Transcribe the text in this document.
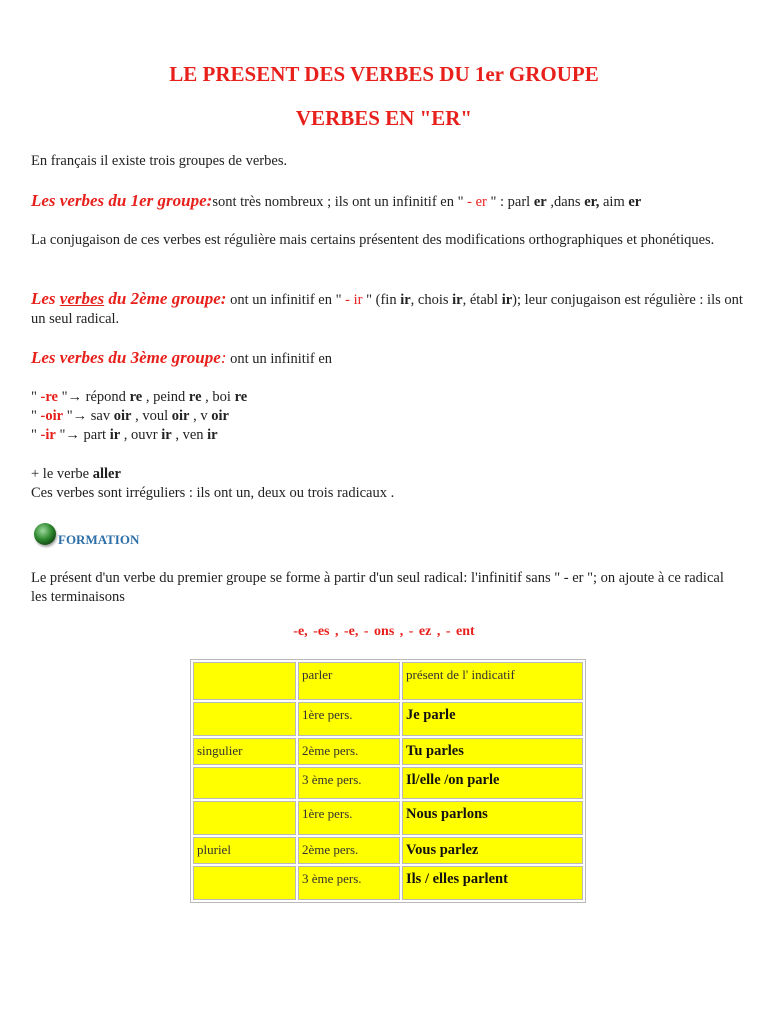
LE PRESENT DES VERBES DU 1er GROUPE
VERBES EN "ER"

En français il existe trois groupes de verbes.

Les verbes du 1er groupe:sont très nombreux ; ils ont un infinitif en " - er " : parl er ,dans er, aim er

La conjugaison de ces verbes est régulière mais certains présentent des modifications orthographiques et phonétiques.

Les verbes du 2ème groupe: ont un infinitif en " - ir " (fin ir, chois ir, établ ir); leur conjugaison est régulière : ils ont un seul radical.

Les verbes du 3ème groupe: ont un infinitif en

" -re "→ répond re , peind re , boi re
" -oir "→ sav oir , voul oir , v oir
" -ir "→ part ir , ouvr ir , ven ir

+ le verbe aller
Ces verbes sont irréguliers : ils ont un, deux ou trois radicaux .

FORMATION

Le présent d'un verbe du premier groupe se forme à partir d'un seul radical: l'infinitif sans " - er "; on ajoute à ce radical les terminaisons

-e, -es , -e, - ons , - ez , - ent

	parler	présent de l' indicatif
	1ère pers.	Je parle
singulier	2ème pers.	Tu parles
	3 ème pers.	Il/elle /on parle
	1ère pers.	Nous parlons
pluriel	2ème pers.	Vous parlez
	3 ème pers.	Ils / elles parlent
